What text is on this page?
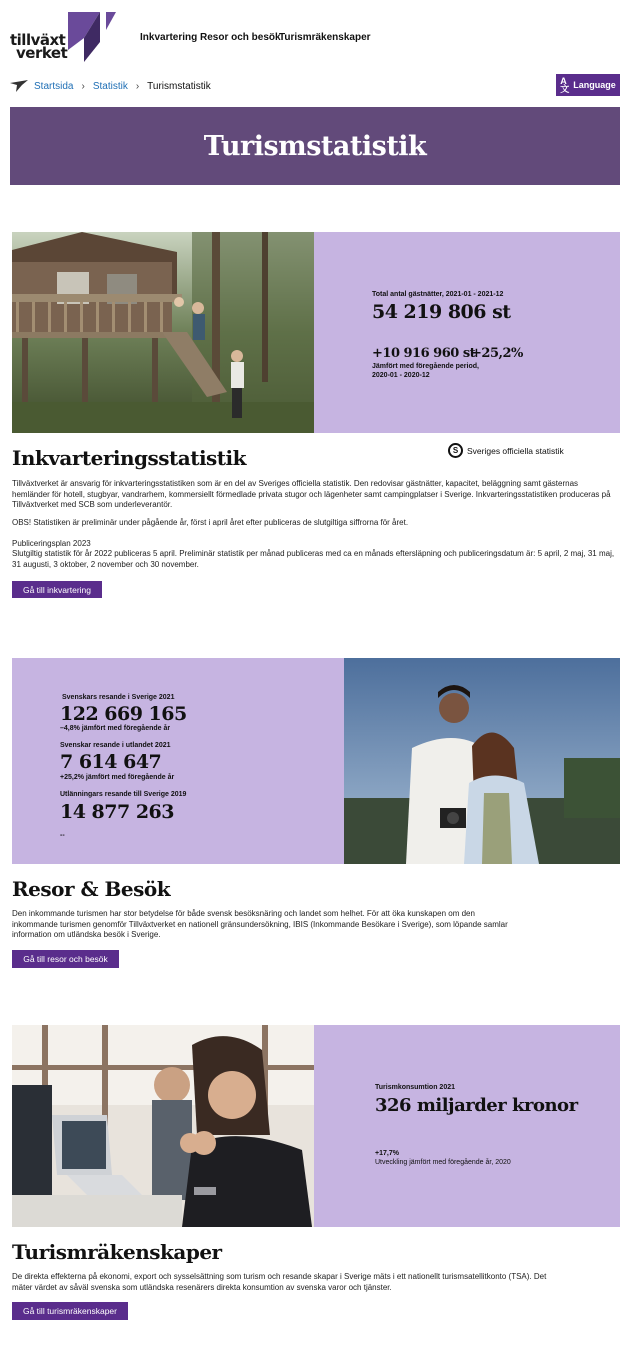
tillväxt
verket
Inkvartering Resor och besök
Turismräkenskaper
Startsida › Statistik › Turismstatistik	A
文 Language
Turismstatistik
Total antal gästnätter, 2021-01 - 2021-12
54 219 806 st
+10 916 960 st
+25,2%
Jämfört med föregående period,
2020-01 - 2020-12
S	Sveriges officiella statistik
Inkvarteringsstatistik

Tillväxtverket är ansvarig för inkvarteringsstatistiken som är en del av Sveriges officiella statistik. Den redovisar gästnätter, kapacitet, beläggning samt gästernas hemländer för hotell, stugbyar, vandrarhem, kommersiellt förmedlade privata stugor och lägenheter samt campingplatser i Sverige. Inkvarteringsstatistiken produceras på Tillväxtverket med SCB som underleverantör.

OBS! Statistiken är preliminär under pågående år, först i april året efter publiceras de slutgiltiga siffrorna för året.

Publiceringsplan 2023

Slutgiltig statistik för år 2022 publiceras 5 april. Preliminär statistik per månad publiceras med ca en månads eftersläpning och publiceringsdatum är: 5 april, 2 maj, 31 maj, 31 augusti, 3 oktober, 2 november och 30 november.

Gå till inkvartering
Svenskars resande i Sverige 2021
122 669 165
–4,8% jämfört med föregående år
Svenskar resande i utlandet 2021
7 614 647
+25,2% jämfört med föregående år
Utlänningars resande till Sverige 2019
14 877 263
--
Resor & Besök

Den inkommande turismen har stor betydelse för både svensk besöksnäring och landet som helhet. För att öka kunskapen om den inkommande turismen genomför Tillväxtverket en nationell gränsundersökning, IBIS (Inkommande Besökare i Sverige), som löpande samlar information om utländska besök i Sverige.

Gå till resor och besök
Turismkonsumtion 2021
326 miljarder kronor
+17,7%
Utveckling jämfört med föregående år, 2020
Turismräkenskaper

De direkta effekterna på ekonomi, export och sysselsättning som turism och resande skapar i Sverige mäts i ett nationellt turismsatellitkonto (TSA). Det mäter värdet av såväl svenska som utländska resenärers direkta konsumtion av svenska varor och tjänster.

Gå till turismräkenskaper
